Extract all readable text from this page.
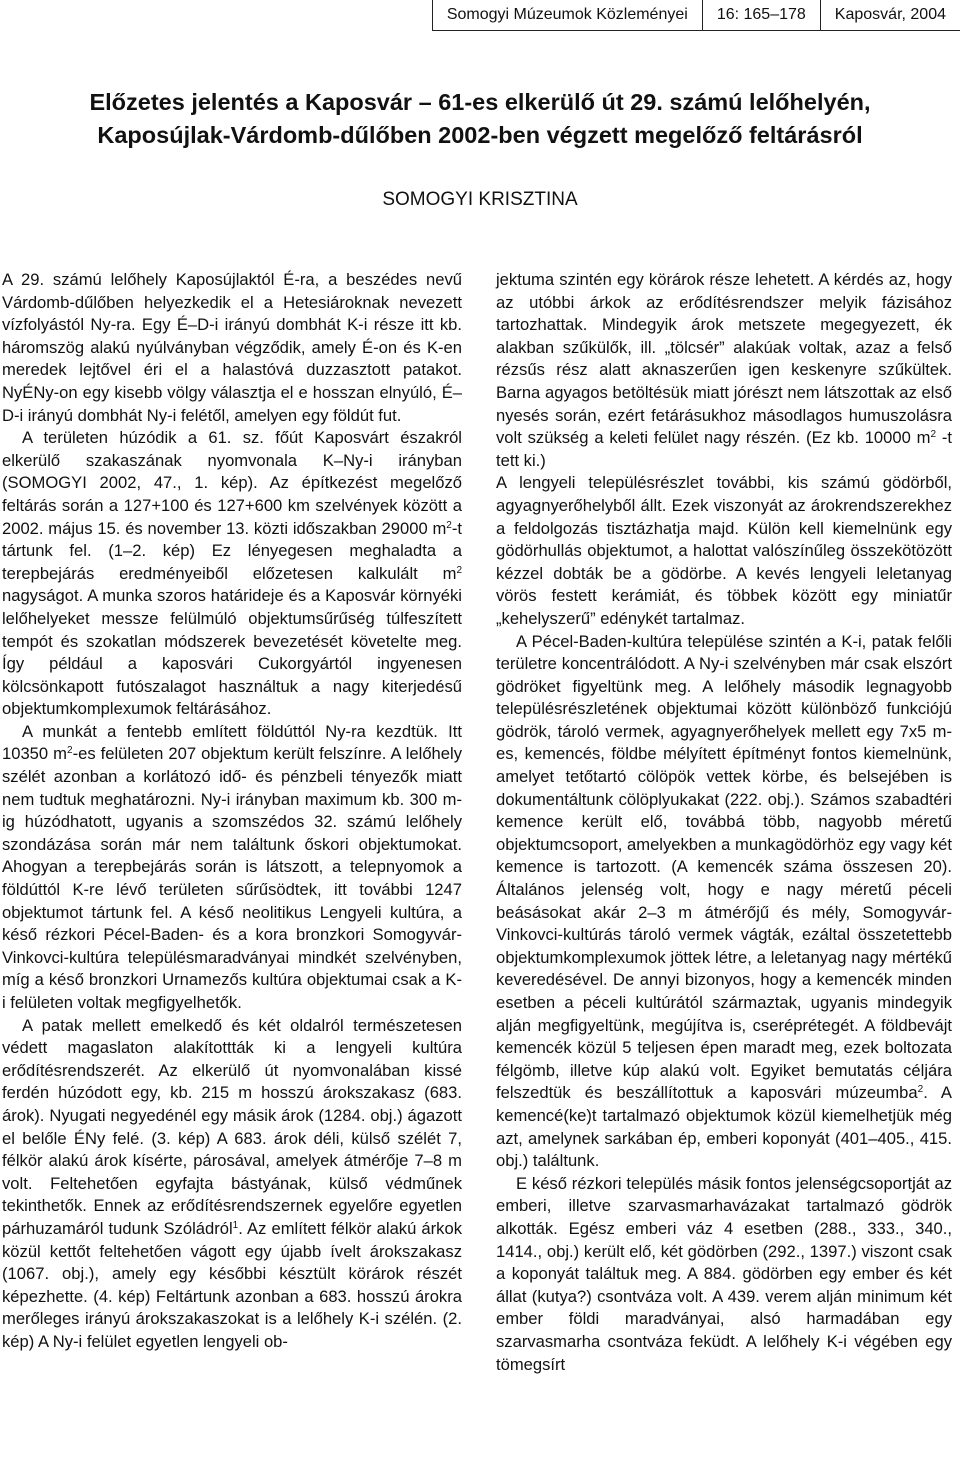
Somogyi Múzeumok Közleményei	16: 165–178	Kaposvár, 2004
Előzetes jelentés a Kaposvár – 61-es elkerülő út 29. számú lelőhelyén,
Kaposújlak-Várdomb-dűlőben 2002-ben végzett megelőző feltárásról

SOMOGYI KRISZTINA

A 29. számú lelőhely Kaposújlaktól É-ra, a beszédes nevű Várdomb-dűlőben helyezkedik el a Hetesiároknak nevezett vízfolyástól Ny-ra. Egy É–D-i irányú dombhát K-i része itt kb. háromszög alakú nyúlványban végződik, amely É-on és K-en meredek lejtővel éri el a halastóvá duzzasztott patakot. NyÉNy-on egy kisebb völgy választja el e hosszan elnyúló, É–D-i irányú dombhát Ny-i felétől, amelyen egy földút fut.

A területen húzódik a 61. sz. főút Kaposvárt északról elkerülő szakaszának nyomvonala K–Ny-i irányban (SOMOGYI 2002, 47., 1. kép). Az építkezést megelőző feltárás során a 127+100 és 127+600 km szelvények között a 2002. május 15. és november 13. közti időszakban 29000 $m^2-t$ tártunk fel. (1–2. kép) Ez lényegesen meghaladta a terepbejárás eredményeiből előzetesen kalkulált $m^2$ nagyságot. A munka szoros határideje és a Kaposvár környéki lelőhelyeket messze felülmúló objektumsűrűség túlfeszített tempót és szokatlan módszerek bevezetését követelte meg. Így például a kaposvári Cukorgyártól ingyenesen kölcsönkapott futószalagot használtuk a nagy kiterjedésű objektumkomplexumok feltárásához.

A munkát a fentebb említett földúttól Ny-ra kezdtük. Itt 10350 $m^2-es$ felületen 207 objektum került felszínre. A lelőhely szélét azonban a korlátozó idő- és pénzbeli tényezők miatt nem tudtuk meghatározni. Ny-i irányban maximum kb. 300 m-ig húzódhatott, ugyanis a szomszédos 32. számú lelőhely szondázása során már nem találtunk őskori objektumokat. Ahogyan a terepbejárás során is látszott, a telepnyomok a földúttól K-re lévő területen sűrűsödtek, itt további 1247 objektumot tártunk fel. A késő neolitikus Lengyeli kultúra, a késő rézkori Pécel-Baden- és a kora bronzkori Somogyvár-Vinkovci-kultúra településmaradványai mindkét szelvényben, míg a késő bronzkori Urnamezős kultúra objektumai csak a K-i felületen voltak megfigyelhetők.

A patak mellett emelkedő és két oldalról természetesen védett magaslaton alakítottták ki a lengyeli kultúra erődítésrendszerét. Az elkerülő út nyomvonalában kissé ferdén húzódott egy, kb. 215 m hosszú árokszakasz (683. árok). Nyugati negyedénél egy másik árok (1284. obj.) ágazott el belőle ÉNy felé. (3. kép) A 683. árok déli, külső szélét 7, félkör alakú árok kísérte, párosával, amelyek átmérője 7–8 m volt. Feltehetően egyfajta bástyának, külső védműnek tekinthetők. Ennek az erődítésrendszernek egyelőre egyetlen párhuzamáról tudunk Szóládról$^1$. Az említett félkör alakú árkok közül kettőt feltehetően vágott egy újabb ívelt árokszakasz (1067. obj.), amely egy későbbi késztült körárok részét képezhette. (4. kép) Feltártunk azonban a 683. hosszú árokra merőleges irányú árokszakaszokat is a lelőhely K-i szélén. (2. kép) A Ny-i felület egyetlen lengyeli ob-

jektuma szintén egy körárok része lehetett. A kérdés az, hogy az utóbbi árkok az erődítésrendszer melyik fázisához tartozhattak. Mindegyik árok metszete megegyezett, ék alakban szűkülők, ill. „tölcsér” alakúak voltak, azaz a felső rézsűs rész alatt aknaszerűen igen keskenyre szűkültek. Barna agyagos betöltésük miatt jórészt nem látszottak az első nyesés során, ezért fetárásukhoz másodlagos humuszolásra volt szükség a keleti felület nagy részén. (Ez kb. 10000 $m^2$ -t tett ki.)

A lengyeli településrészlet további, kis számú gödörből, agyagnyerőhelyből állt. Ezek viszonyát az árokrendszerekhez a feldolgozás tisztázhatja majd. Külön kell kiemelnünk egy gödörhullás objektumot, a halottat valószínűleg összekötözött kézzel dobták be a gödörbe. A kevés lengyeli leletanyag vörös festett kerámiát, és többek között egy miniatűr „kehelyszerű” edénykét tartalmaz.

A Pécel-Baden-kultúra települése szintén a K-i, patak felőli területre koncentrálódott. A Ny-i szelvényben már csak elszórt gödröket figyeltünk meg. A lelőhely második legnagyobb településrészletének objektumai között különböző funkciójú gödrök, tároló vermek, agyagnyerőhelyek mellett egy 7x5 m-es, kemencés, földbe mélyített építményt fontos kiemelnünk, amelyet tetőtartó cölöpök vettek körbe, és belsejében is dokumentáltunk cölöplyukakat (222. obj.). Számos szabadtéri kemence került elő, továbbá több, nagyobb méretű objektumcsoport, amelyekben a munkagödörhöz egy vagy két kemence is tartozott. (A kemencék száma összesen 20). Általános jelenség volt, hogy e nagy méretű péceli beásásokat akár 2–3 m átmérőjű és mély, Somogyvár-Vinkovci-kultúrás tároló vermek vágták, ezáltal összetettebb objektumkomplexumok jöttek létre, a leletanyag nagy mértékű keveredésével. De annyi bizonyos, hogy a kemencék minden esetben a péceli kultúrától származtak, ugyanis mindegyik alján megfigyeltünk, megújítva is, cseréprétegét. A földbevájt kemencék közül 5 teljesen épen maradt meg, ezek boltozata félgömb, illetve kúp alakú volt. Egyiket bemutatás céljára felszedtük és beszállítottuk a kaposvári múzeumba$^2$. A kemencé(ke)t tartalmazó objektumok közül kiemelhetjük még azt, amelynek sarkában ép, emberi koponyát (401–405., 415. obj.) találtunk.

E késő rézkori település másik fontos jelenségcsoportját az emberi, illetve szarvasmarhavázakat tartalmazó gödrök alkották. Egész emberi váz 4 esetben (288., 333., 340., 1414., obj.) került elő, két gödörben (292., 1397.) viszont csak a koponyát találtuk meg. A 884. gödörben egy ember és két állat (kutya?) csontváza volt. A 439. verem alján minimum két ember földi maradványai, alsó harmadában egy szarvasmarha csontváza feküdt. A lelőhely K-i végében egy tömegsírt
